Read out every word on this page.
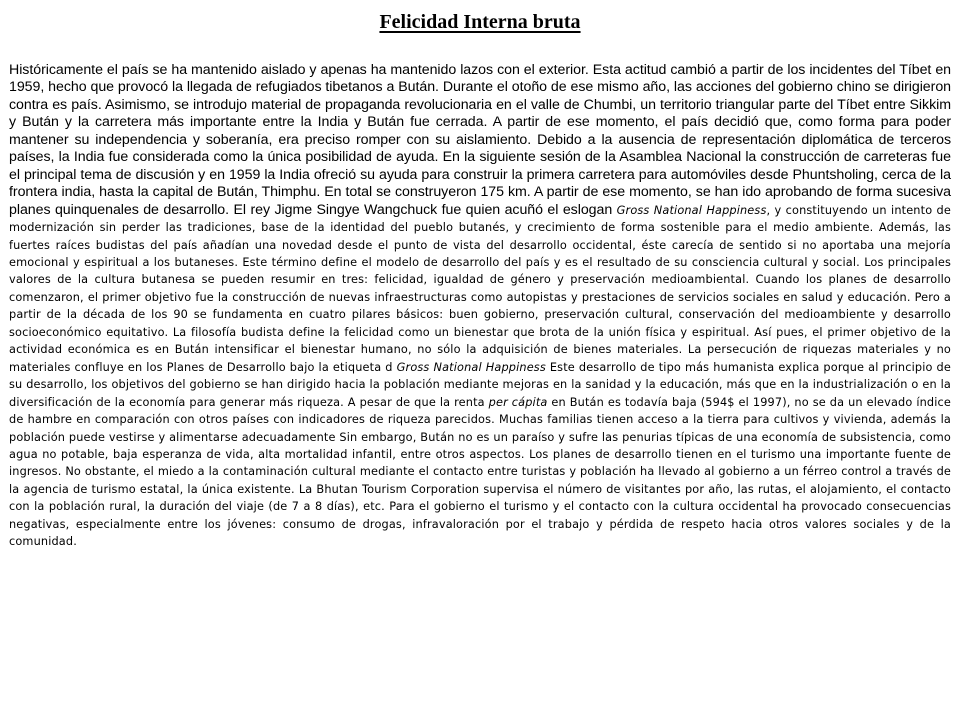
Felicidad Interna bruta

Históricamente el país se ha mantenido aislado y apenas ha mantenido lazos con el exterior. Esta actitud cambió a partir de los incidentes del Tíbet en 1959, hecho que provocó la llegada de refugiados tibetanos a Bután. Durante el otoño de ese mismo año, las acciones del gobierno chino se dirigieron contra es país. Asimismo, se introdujo material de propaganda revolucionaria en el valle de Chumbi, un territorio triangular parte del Tíbet entre Sikkim y Bután y la carretera más importante entre la India y Bután fue cerrada. A partir de ese momento, el país decidió que, como forma para poder mantener su independencia y soberanía, era preciso romper con su aislamiento. Debido a la ausencia de representación diplomática de terceros países, la India fue considerada como la única posibilidad de ayuda. En la siguiente sesión de la Asamblea Nacional la construcción de carreteras fue el principal tema de discusión y en 1959 la India ofreció su ayuda para construir la primera carretera para automóviles desde Phuntsholing, cerca de la frontera india, hasta la capital de Bután, Thimphu. En total se construyeron 175 km. A partir de ese momento, se han ido aprobando de forma sucesiva planes quinquenales de desarrollo. El rey Jigme Singye Wangchuck fue quien acuñó el eslogan Gross National Happiness, y constituyendo un intento de modernización sin perder las tradiciones, base de la identidad del pueblo butanés, y crecimiento de forma sostenible para el medio ambiente. Además, las fuertes raíces budistas del país añadían una novedad desde el punto de vista del desarrollo occidental, éste carecía de sentido si no aportaba una mejoría emocional y espiritual a los butaneses. Este término define el modelo de desarrollo del país y es el resultado de su consciencia cultural y social. Los principales valores de la cultura butanesa se pueden resumir en tres: felicidad, igualdad de género y preservación medioambiental. Cuando los planes de desarrollo comenzaron, el primer objetivo fue la construcción de nuevas infraestructuras como autopistas y prestaciones de servicios sociales en salud y educación. Pero a partir de la década de los 90 se fundamenta en cuatro pilares básicos: buen gobierno, preservación cultural, conservación del medioambiente y desarrollo socioeconómico equitativo. La filosofía budista define la felicidad como un bienestar que brota de la unión física y espiritual. Así pues, el primer objetivo de la actividad económica es en Bután intensificar el bienestar humano, no sólo la adquisición de bienes materiales. La persecución de riquezas materiales y no materiales confluye en los Planes de Desarrollo bajo la etiqueta d Gross National Happiness Este desarrollo de tipo más humanista explica porque al principio de su desarrollo, los objetivos del gobierno se han dirigido hacia la población mediante mejoras en la sanidad y la educación, más que en la industrialización o en la diversificación de la economía para generar más riqueza. A pesar de que la renta per cápita en Bután es todavía baja (594$ el 1997), no se da un elevado índice de hambre en comparación con otros países con indicadores de riqueza parecidos. Muchas familias tienen acceso a la tierra para cultivos y vivienda, además la población puede vestirse y alimentarse adecuadamente Sin embargo, Bután no es un paraíso y sufre las penurias típicas de una economía de subsistencia, como agua no potable, baja esperanza de vida, alta mortalidad infantil, entre otros aspectos. Los planes de desarrollo tienen en el turismo una importante fuente de ingresos. No obstante, el miedo a la contaminación cultural mediante el contacto entre turistas y población ha llevado al gobierno a un férreo control a través de la agencia de turismo estatal, la única existente. La Bhutan Tourism Corporation supervisa el número de visitantes por año, las rutas, el alojamiento, el contacto con la población rural, la duración del viaje (de 7 a 8 días), etc. Para el gobierno el turismo y el contacto con la cultura occidental ha provocado consecuencias negativas, especialmente entre los jóvenes: consumo de drogas, infravaloración por el trabajo y pérdida de respeto hacia otros valores sociales y de la comunidad.
